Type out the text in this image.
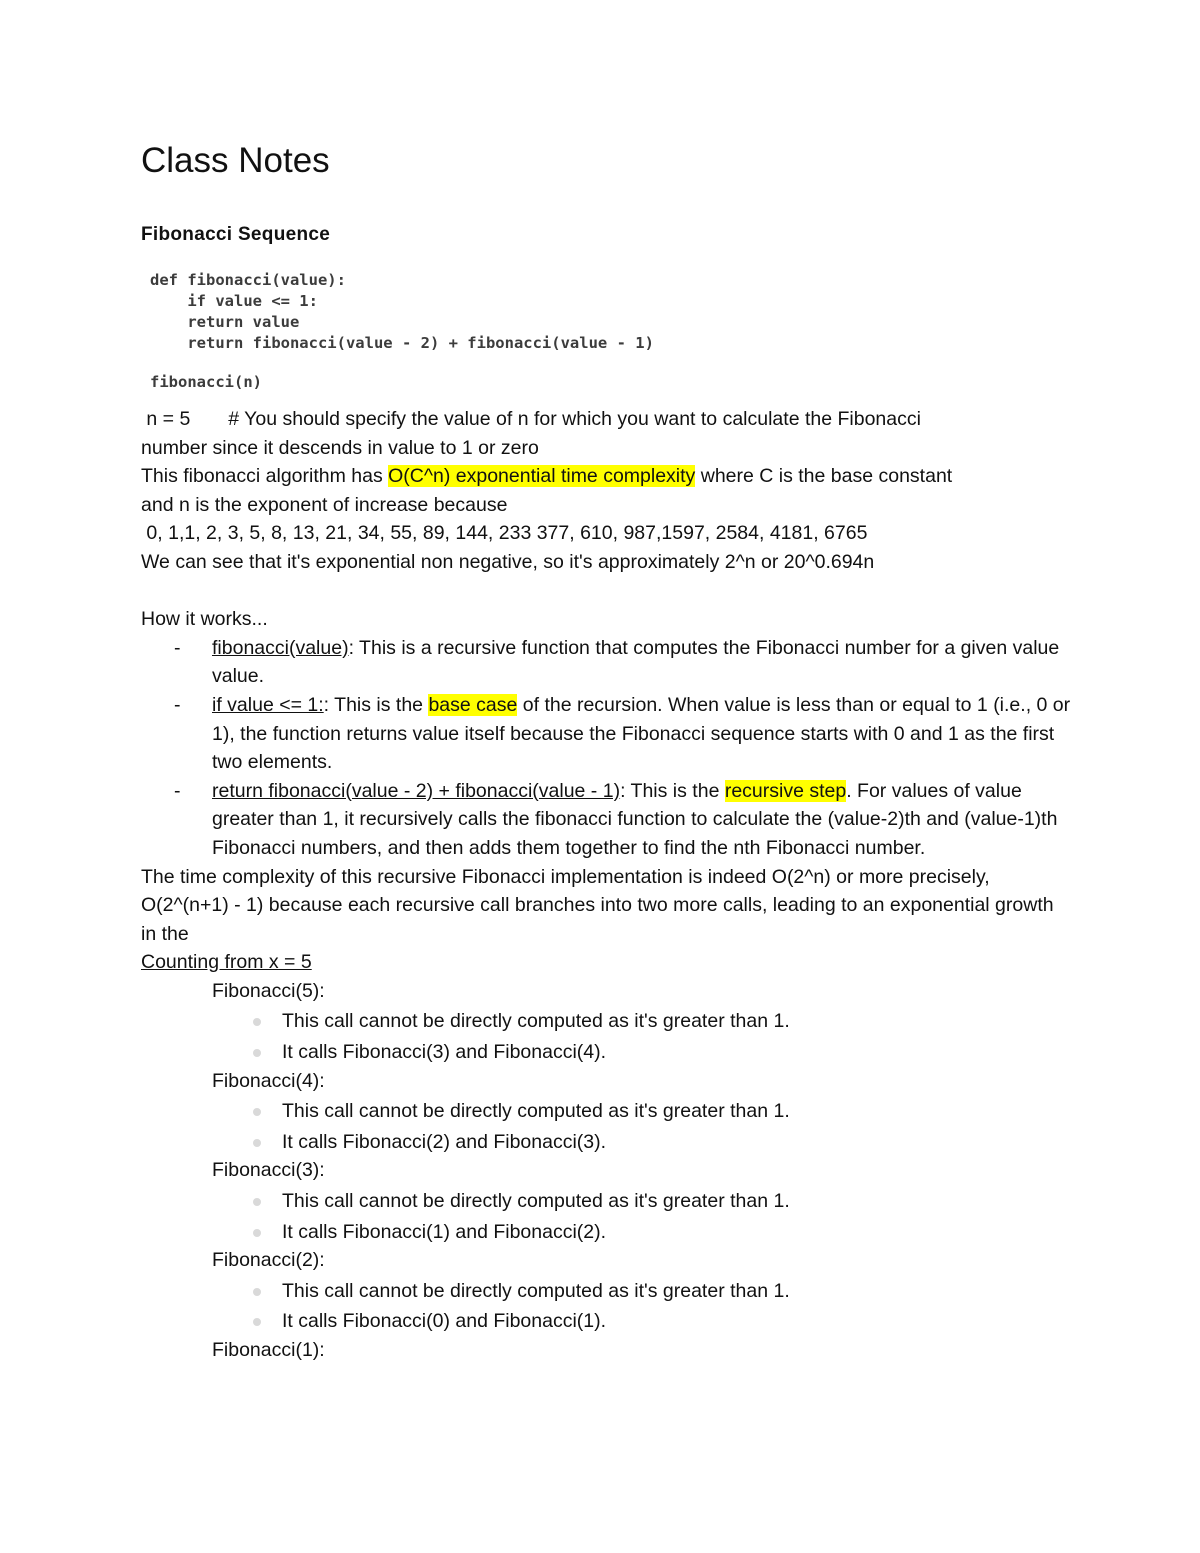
Class Notes
Fibonacci Sequence
def fibonacci(value):
if value <= 1:
return value
return fibonacci(value - 2) + fibonacci(value - 1)
fibonacci(n)

n = 5       # You should specify the value of n for which you want to calculate the Fibonacci

number since it descends in value to 1 or zero

This fibonacci algorithm has O(C^n) exponential time complexity where C is the base constant

and n is the exponent of increase because

0, 1,1, 2, 3, 5, 8, 13, 21, 34, 55, 89, 144, 233 377, 610, 987,1597, 2584, 4181, 6765

We can see that it's exponential non negative, so it's approximately 2^n or 20^0.694n

How it works...

- fibonacci(value): This is a recursive function that computes the Fibonacci number for a given value value.
- if value <= 1:: This is the base case of the recursion. When value is less than or equal to 1 (i.e., 0 or 1), the function returns value itself because the Fibonacci sequence starts with 0 and 1 as the first two elements.
- return fibonacci(value - 2) + fibonacci(value - 1): This is the recursive step. For values of value greater than 1, it recursively calls the fibonacci function to calculate the (value-2)th and (value-1)th Fibonacci numbers, and then adds them together to find the nth Fibonacci number.

The time complexity of this recursive Fibonacci implementation is indeed O(2^n) or more precisely, O(2^(n+1) - 1) because each recursive call branches into two more calls, leading to an exponential growth in the

Counting from x = 5

Fibonacci(5):

This call cannot be directly computed as it's greater than 1.
It calls Fibonacci(3) and Fibonacci(4).

Fibonacci(4):

This call cannot be directly computed as it's greater than 1.
It calls Fibonacci(2) and Fibonacci(3).

Fibonacci(3):

This call cannot be directly computed as it's greater than 1.
It calls Fibonacci(1) and Fibonacci(2).

Fibonacci(2):

This call cannot be directly computed as it's greater than 1.
It calls Fibonacci(0) and Fibonacci(1).

Fibonacci(1):
